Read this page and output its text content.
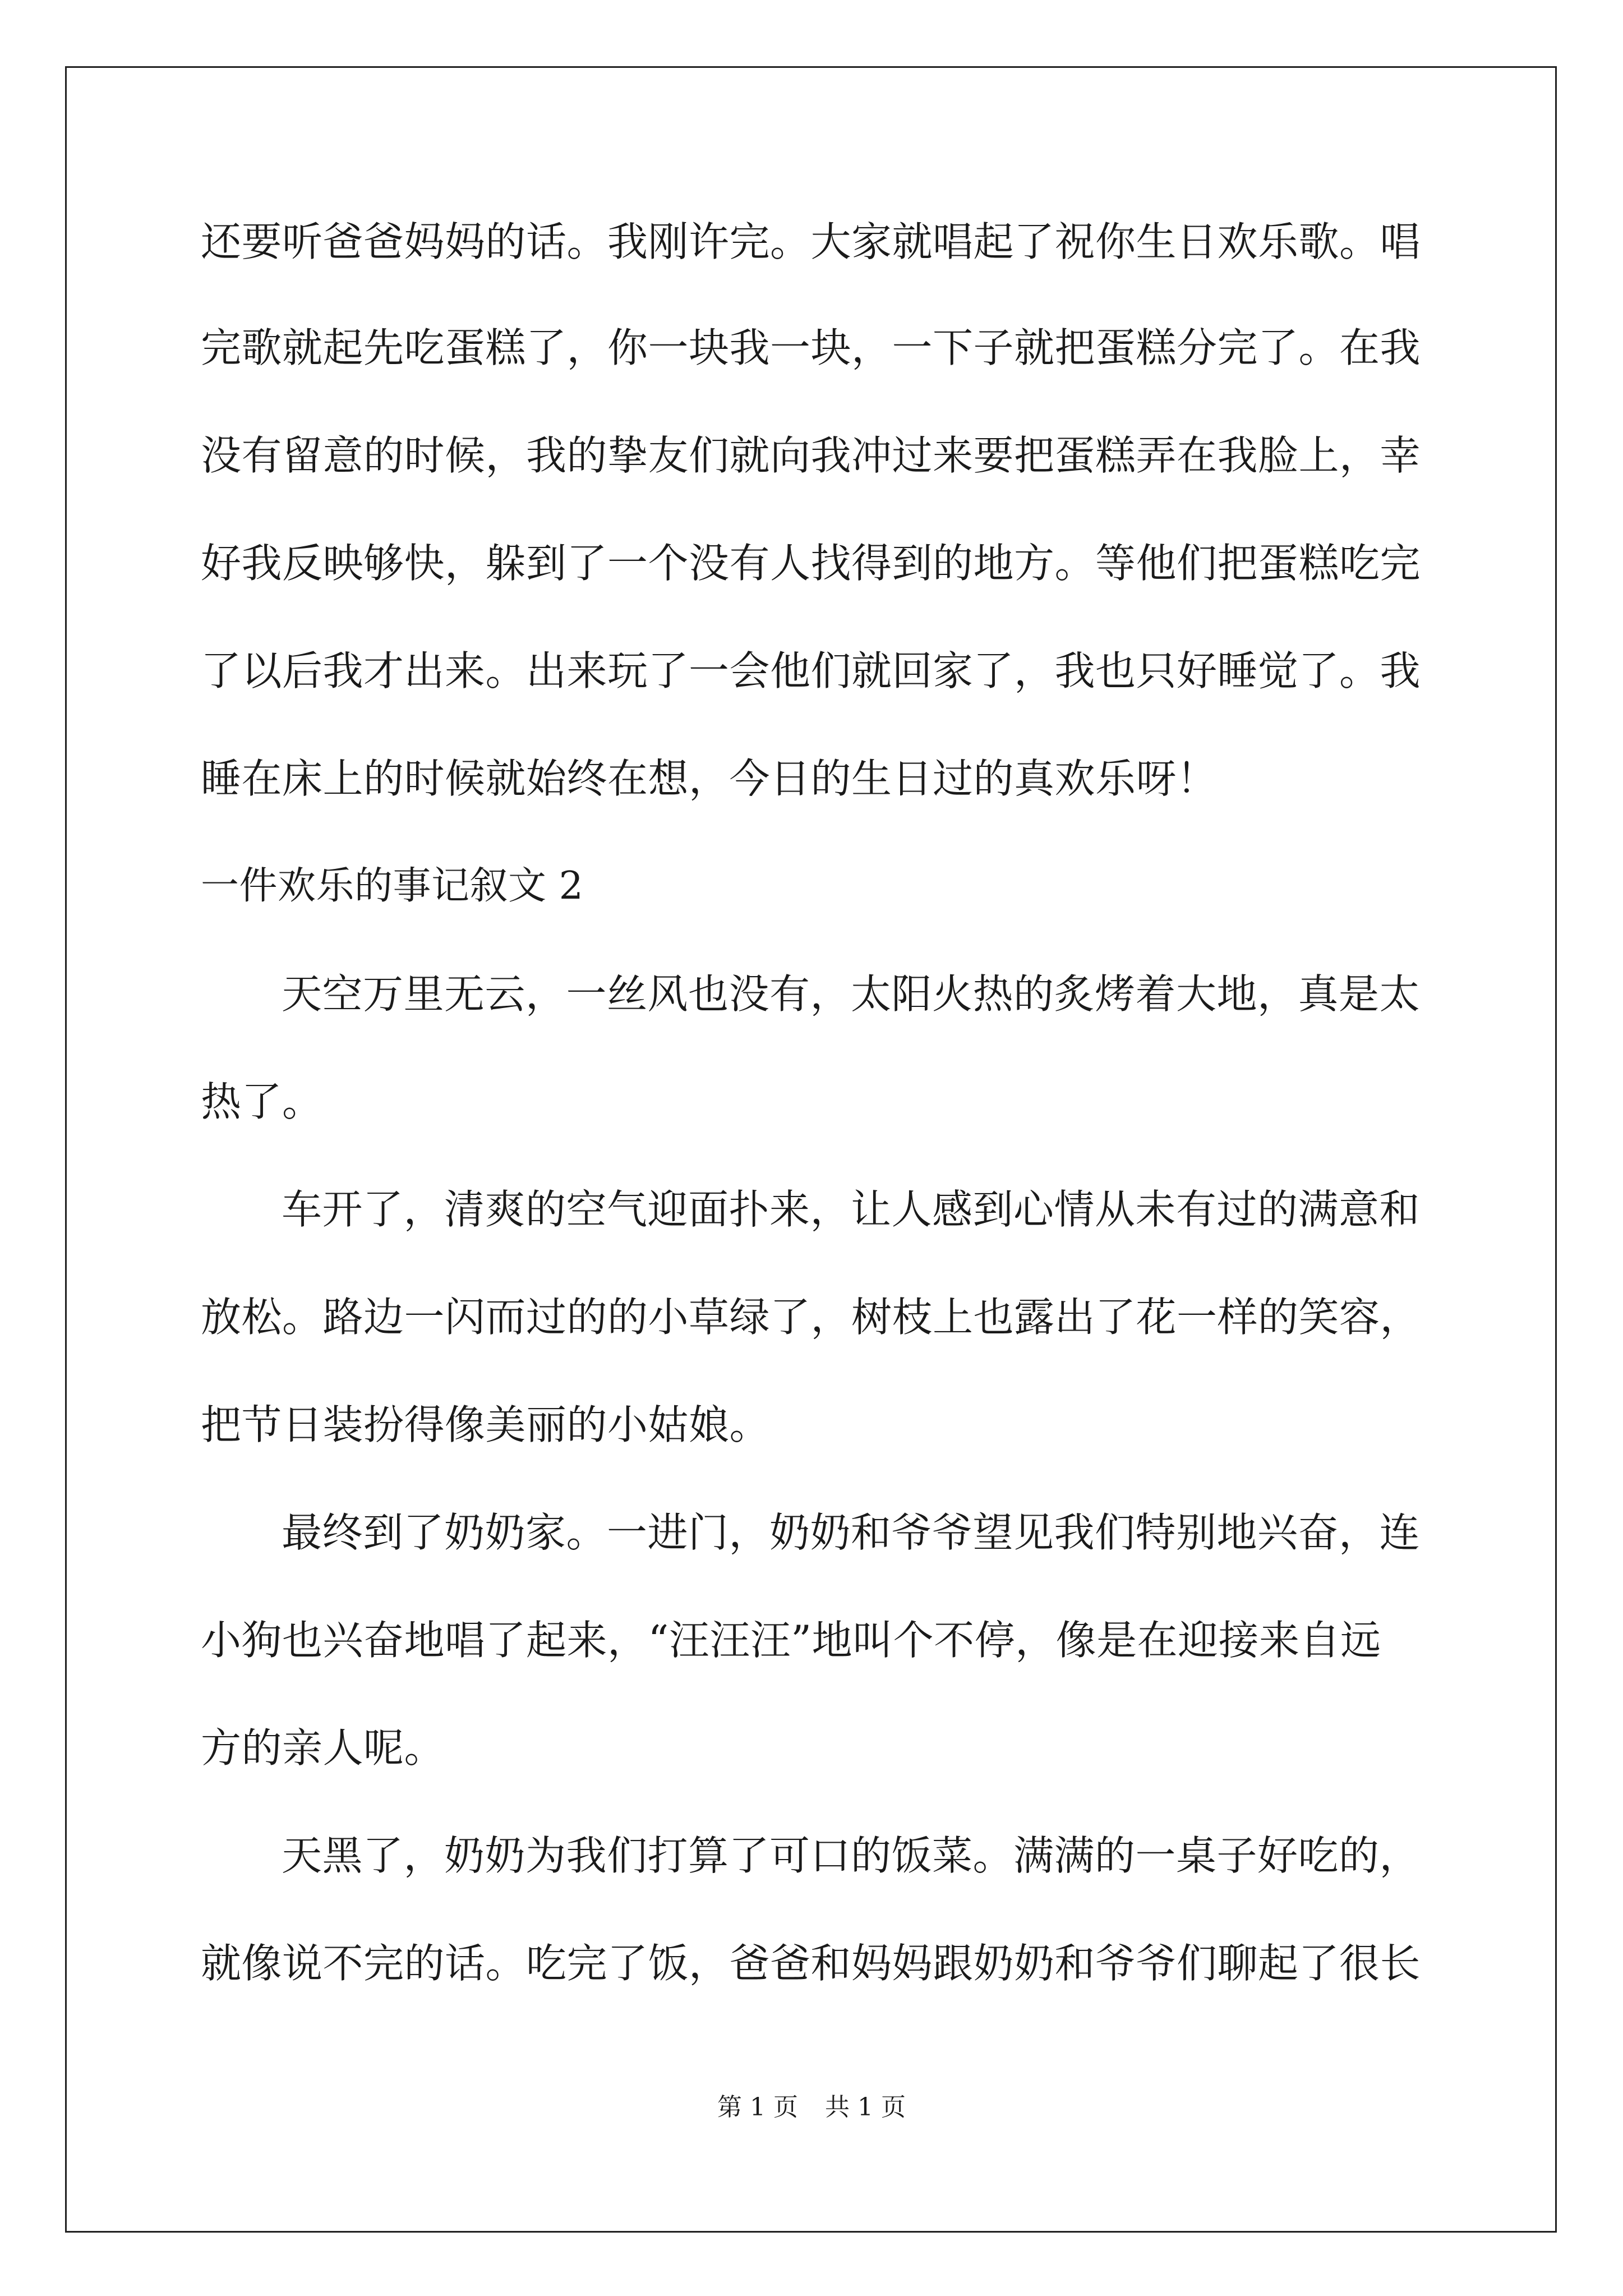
还要听爸爸妈妈的话。我刚许完。大家就唱起了祝你生日欢乐歌。唱
完歌就起先吃蛋糕了，你一块我一块，一下子就把蛋糕分完了。在我
没有留意的时候，我的挚友们就向我冲过来要把蛋糕弄在我脸上，幸
好我反映够快，躲到了一个没有人找得到的地方。等他们把蛋糕吃完
了以后我才出来。出来玩了一会他们就回家了，我也只好睡觉了。我
睡在床上的时候就始终在想，今日的生日过的真欢乐呀！
一件欢乐的事记叙文 2
天空万里无云，一丝风也没有，太阳火热的炙烤着大地，真是太
热了。
车开了，清爽的空气迎面扑来，让人感到心情从未有过的满意和
放松。路边一闪而过的的小草绿了，树枝上也露出了花一样的笑容，
把节日装扮得像美丽的小姑娘。
最终到了奶奶家。一进门，奶奶和爷爷望见我们特别地兴奋，连
小狗也兴奋地唱了起来，“汪汪汪”地叫个不停，像是在迎接来自远
方的亲人呢。
天黑了，奶奶为我们打算了可口的饭菜。满满的一桌子好吃的，
就像说不完的话。吃完了饭，爸爸和妈妈跟奶奶和爷爷们聊起了很长
第 1 页 共 1 页
